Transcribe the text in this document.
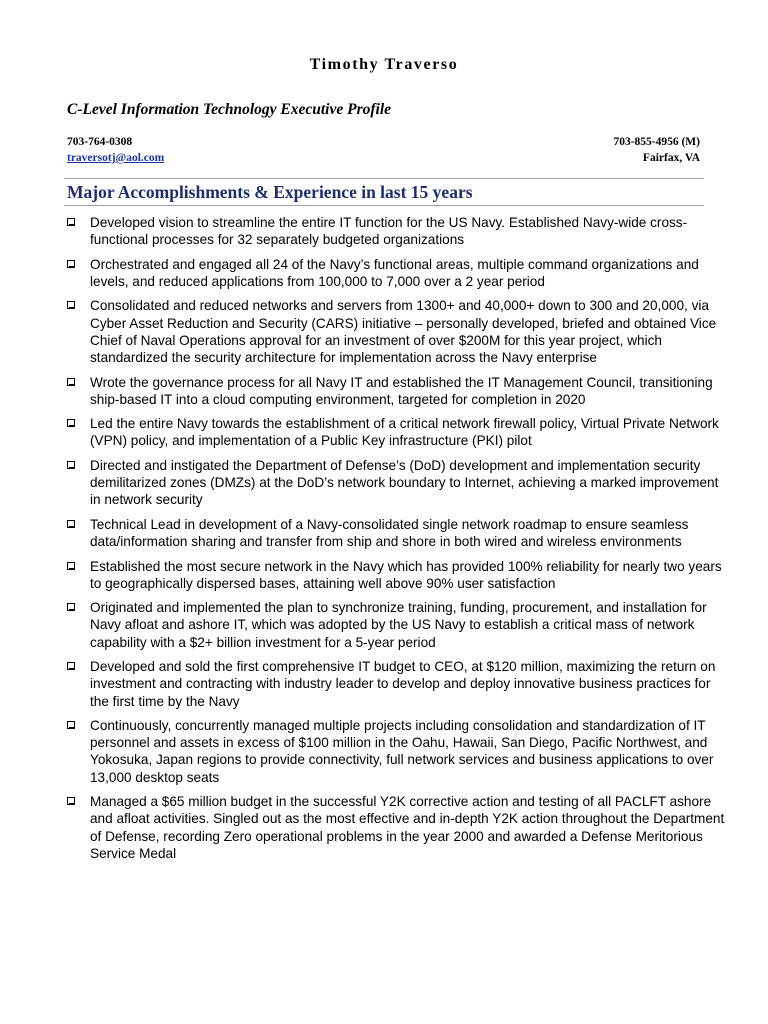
Timothy Traverso
C-Level Information Technology Executive Profile
703-764-0308
traversotj@aol.com
703-855-4956 (M)
Fairfax, VA
Major Accomplishments & Experience in last 15 years
Developed vision to streamline the entire IT function for the US Navy. Established Navy-wide cross-functional processes for 32 separately budgeted organizations
Orchestrated and engaged all 24 of the Navy’s functional areas, multiple command organizations and levels, and reduced applications from 100,000 to 7,000 over a 2 year period
Consolidated and reduced networks and servers from 1300+ and 40,000+ down to 300 and 20,000, via Cyber Asset Reduction and Security (CARS) initiative – personally developed, briefed and obtained Vice Chief of Naval Operations approval for an investment of over $200M for this year project, which standardized the security architecture for implementation across the Navy enterprise
Wrote the governance process for all Navy IT and established the IT Management Council, transitioning ship-based IT into a cloud computing environment, targeted for completion in 2020
Led the entire Navy towards the establishment of a critical network firewall policy, Virtual Private Network (VPN) policy, and implementation of a Public Key infrastructure (PKI) pilot
Directed and instigated the Department of Defense’s (DoD) development and implementation security demilitarized zones (DMZs) at the DoD’s network boundary to Internet, achieving a marked improvement in network security
Technical Lead in development of a Navy-consolidated single network roadmap to ensure seamless data/information sharing and transfer from ship and shore in both wired and wireless environments
Established the most secure network in the Navy which has provided 100% reliability for nearly two years to geographically dispersed bases, attaining well above 90% user satisfaction
Originated and implemented the plan to synchronize training, funding, procurement, and installation for Navy afloat and ashore IT, which was adopted by the US Navy to establish a critical mass of network capability with a $2+ billion investment for a 5-year period
Developed and sold the first comprehensive IT budget to CEO, at $120 million, maximizing the return on investment and contracting with industry leader to develop and deploy innovative business practices for the first time by the Navy
Continuously, concurrently managed multiple projects including consolidation and standardization of IT personnel and assets in excess of $100 million in the Oahu, Hawaii, San Diego, Pacific Northwest, and Yokosuka, Japan regions to provide connectivity, full network services and business applications to over 13,000 desktop seats
Managed a $65 million budget in the successful Y2K corrective action and testing of all PACLFT ashore and afloat activities. Singled out as the most effective and in-depth Y2K action throughout the Department of Defense, recording Zero operational problems in the year 2000 and awarded a Defense Meritorious Service Medal
